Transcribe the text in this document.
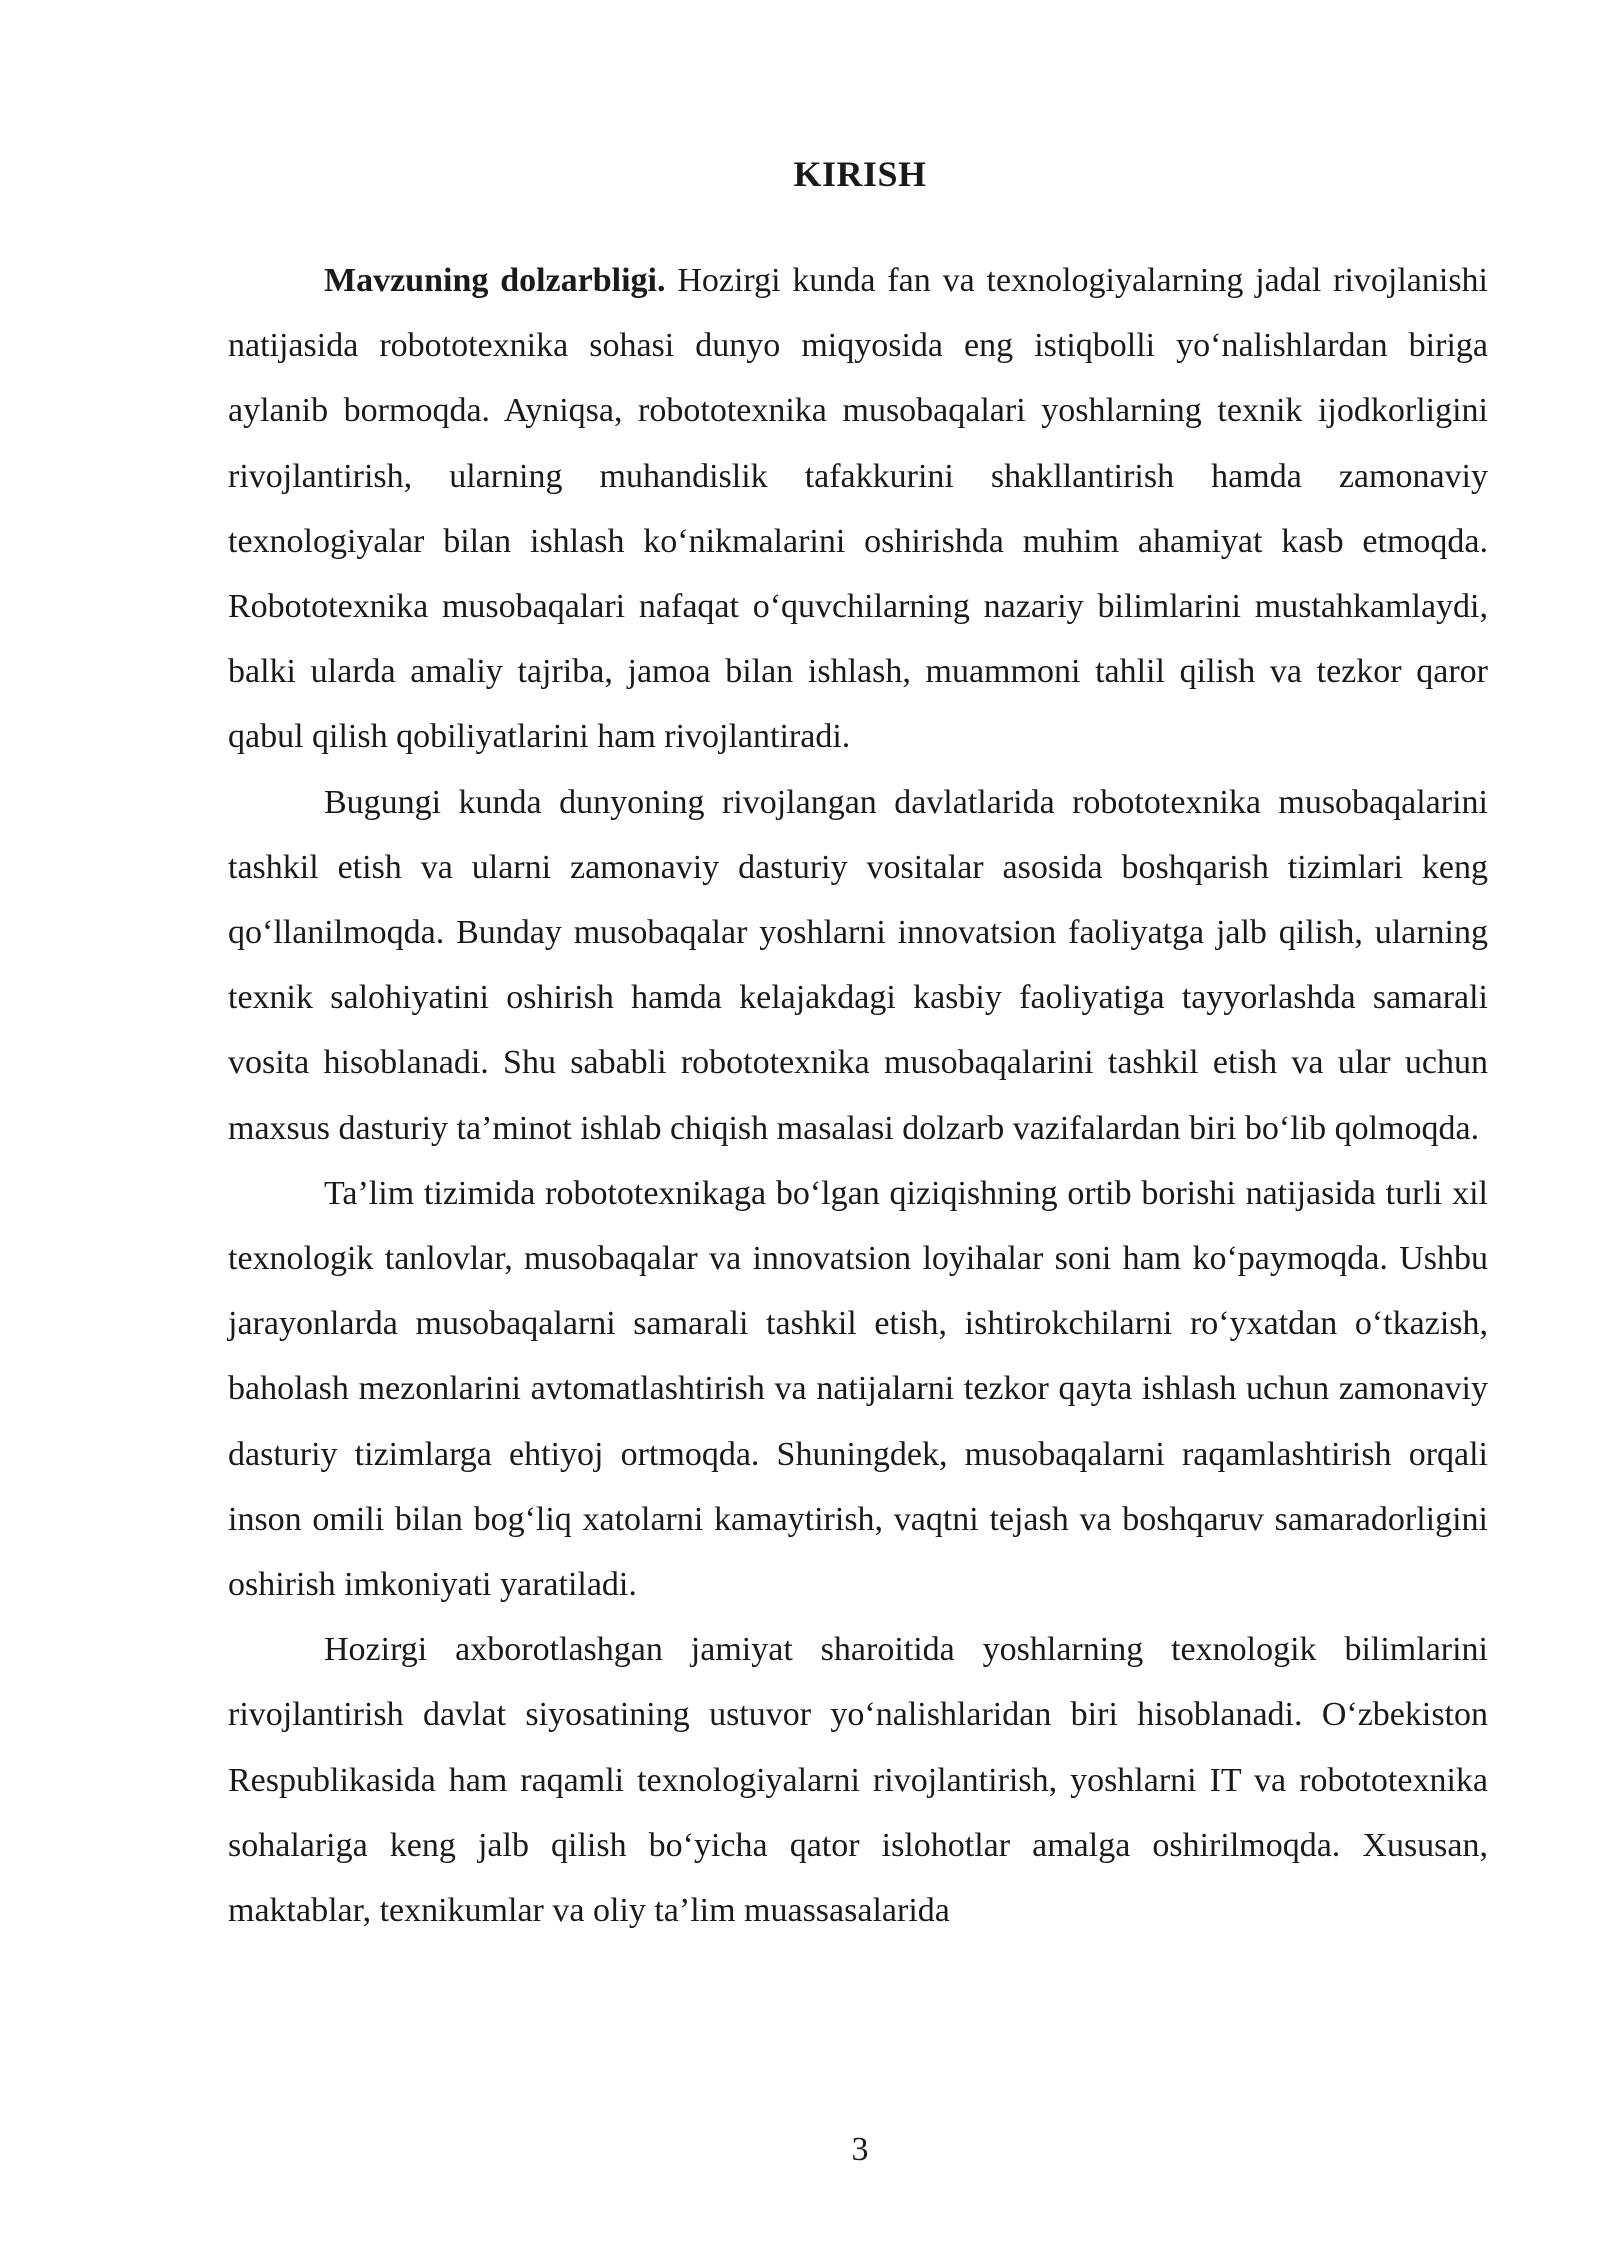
KIRISH

Mavzuning dolzarbligi. Hozirgi kunda fan va texnologiyalarning jadal rivojlanishi natijasida robototexnika sohasi dunyo miqyosida eng istiqbolli yo‘nalishlardan biriga aylanib bormoqda. Ayniqsa, robototexnika musobaqalari yoshlarning texnik ijodkorligini rivojlantirish, ularning muhandislik tafakkurini shakllantirish hamda zamonaviy texnologiyalar bilan ishlash ko‘nikmalarini oshirishda muhim ahamiyat kasb etmoqda. Robototexnika musobaqalari nafaqat o‘quvchilarning nazariy bilimlarini mustahkamlaydi, balki ularda amaliy tajriba, jamoa bilan ishlash, muammoni tahlil qilish va tezkor qaror qabul qilish qobiliyatlarini ham rivojlantiradi.

Bugungi kunda dunyoning rivojlangan davlatlarida robototexnika musobaqalarini tashkil etish va ularni zamonaviy dasturiy vositalar asosida boshqarish tizimlari keng qo‘llanilmoqda. Bunday musobaqalar yoshlarni innovatsion faoliyatga jalb qilish, ularning texnik salohiyatini oshirish hamda kelajakdagi kasbiy faoliyatiga tayyorlashda samarali vosita hisoblanadi. Shu sababli robototexnika musobaqalarini tashkil etish va ular uchun maxsus dasturiy ta’minot ishlab chiqish masalasi dolzarb vazifalardan biri bo‘lib qolmoqda.

Ta’lim tizimida robototexnikaga bo‘lgan qiziqishning ortib borishi natijasida turli xil texnologik tanlovlar, musobaqalar va innovatsion loyihalar soni ham ko‘paymoqda. Ushbu jarayonlarda musobaqalarni samarali tashkil etish, ishtirokchilarni ro‘yxatdan o‘tkazish, baholash mezonlarini avtomatlashtirish va natijalarni tezkor qayta ishlash uchun zamonaviy dasturiy tizimlarga ehtiyoj ortmoqda. Shuningdek, musobaqalarni raqamlashtirish orqali inson omili bilan bog‘liq xatolarni kamaytirish, vaqtni tejash va boshqaruv samaradorligini oshirish imkoniyati yaratiladi.

Hozirgi axborotlashgan jamiyat sharoitida yoshlarning texnologik bilimlarini rivojlantirish davlat siyosatining ustuvor yo‘nalishlaridan biri hisoblanadi. O‘zbekiston Respublikasida ham raqamli texnologiyalarni rivojlantirish, yoshlarni IT va robototexnika sohalariga keng jalb qilish bo‘yicha qator islohotlar amalga oshirilmoqda. Xususan, maktablar, texnikumlar va oliy ta’lim muassasalarida

3
